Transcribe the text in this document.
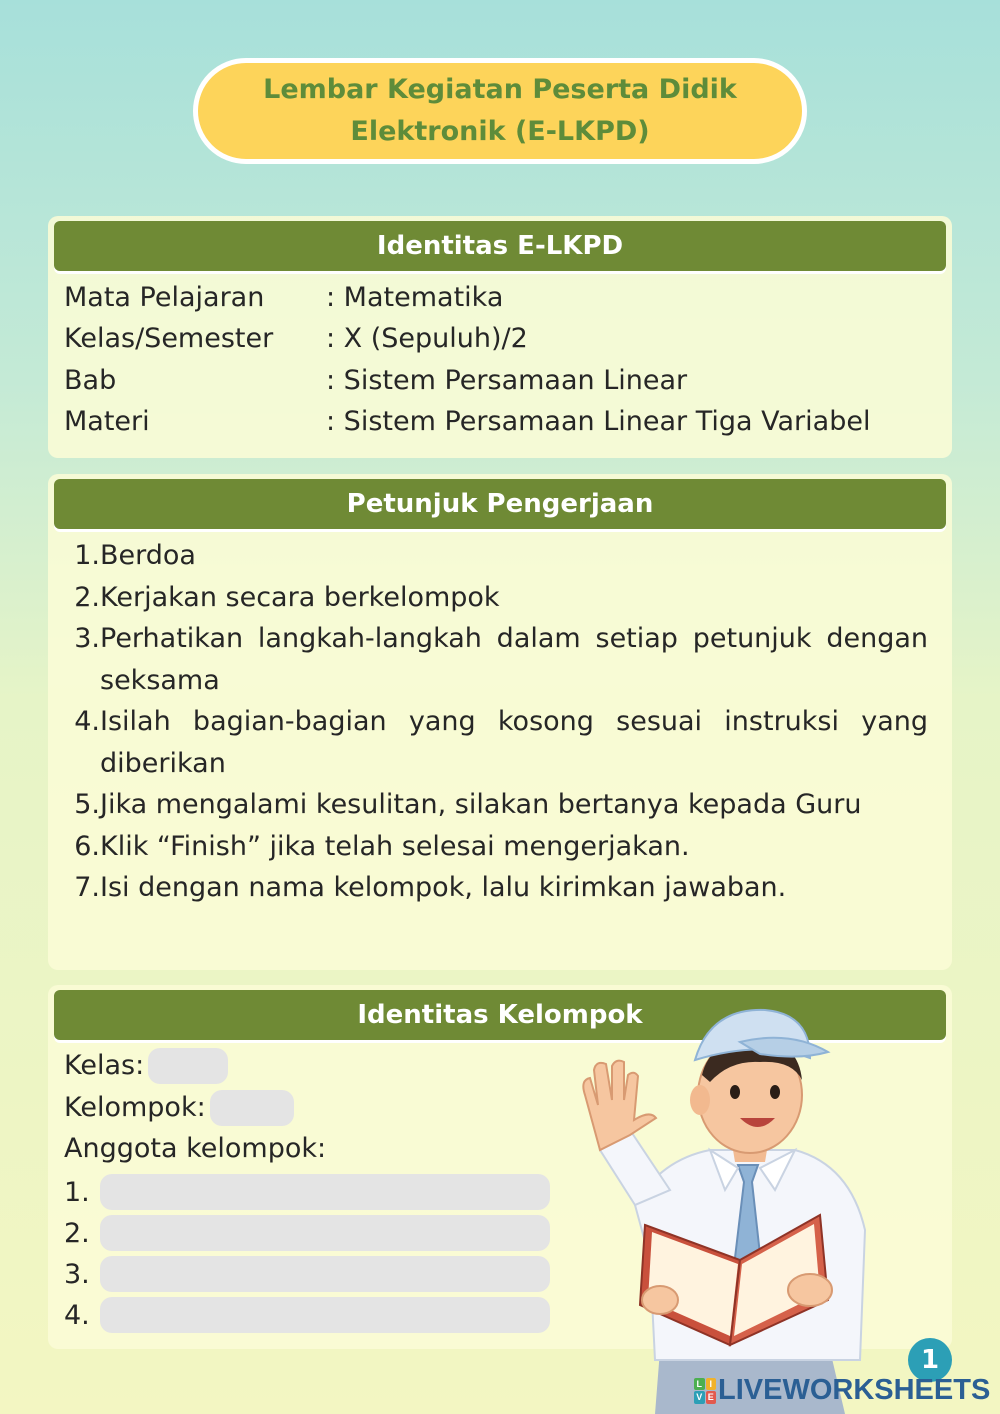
Lembar Kegiatan Peserta Didik
Elektronik (E-LKPD)
Identitas E-LKPD
Mata Pelajaran : Matematika
Kelas/Semester : X (Sepuluh)/2
Bab	: Sistem Persamaan Linear
Materi	: Sistem Persamaan Linear Tiga Variabel
Petunjuk Pengerjaan
1. Berdoa
2. Kerjakan secara berkelompok
3. Perhatikan langkah-langkah dalam setiap petunjuk dengan seksama
4. Isilah bagian-bagian yang kosong sesuai instruksi yang diberikan
5. Jika mengalami kesulitan, silakan bertanya kepada Guru
6. Klik “Finish” jika telah selesai mengerjakan.
7. Isi dengan nama kelompok, lalu kirimkan jawaban.
Identitas Kelompok
Kelas:
Kelompok:
Anggota kelompok:
1.
2.
3.
4.
1
L I
V E LIVEWORKSHEETS
